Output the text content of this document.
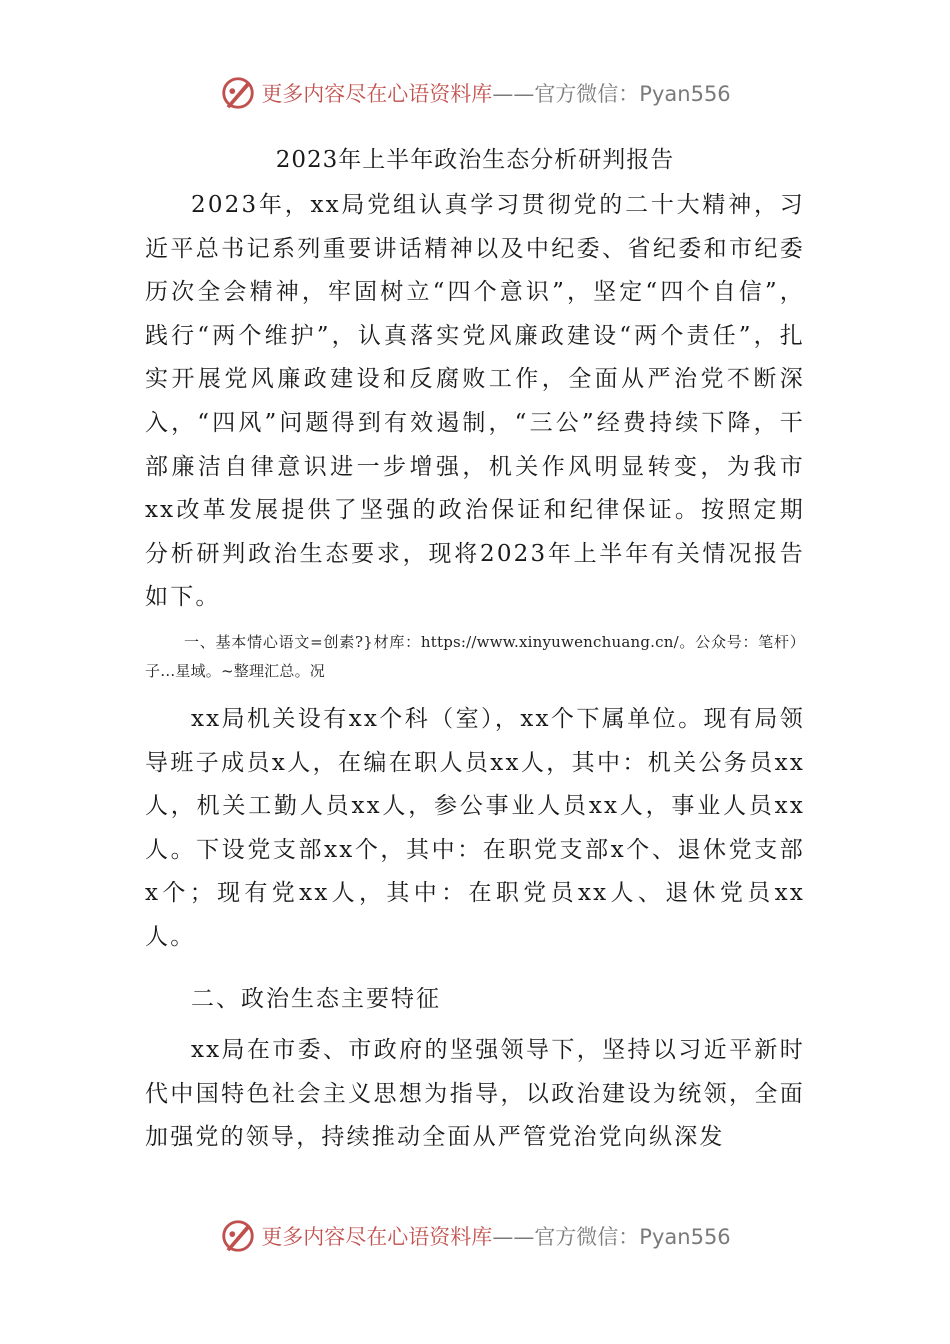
更多内容尽在心语资料库——官方微信：Pyan556
2023年上半年政治生态分析研判报告

2023年，xx局党组认真学习贯彻党的二十大精神，习近平总书记系列重要讲话精神以及中纪委、省纪委和市纪委历次全会精神，牢固树立“四个意识”，坚定“四个自信”，践行“两个维护”，认真落实党风廉政建设“两个责任”，扎实开展党风廉政建设和反腐败工作，全面从严治党不断深入，“四风”问题得到有效遏制，“三公”经费持续下降，干部廉洁自律意识进一步增强，机关作风明显转变，为我市xx改革发展提供了坚强的政治保证和纪律保证。按照定期分析研判政治生态要求，现将2023年上半年有关情况报告如下。

一、基本情心语文=创素?}材库：https://www.xinyuwenchuang.cn/。公众号：笔杆）子…星域。~整理汇总。况

xx局机关设有xx个科（室），xx个下属单位。现有局领导班子成员x人，在编在职人员xx人，其中：机关公务员xx人，机关工勤人员xx人，参公事业人员xx人，事业人员xx人。下设党支部xx个，其中：在职党支部x个、退休党支部x个；现有党xx人，其中：在职党员xx人、退休党员xx人。

二、政治生态主要特征

xx局在市委、市政府的坚强领导下，坚持以习近平新时代中国特色社会主义思想为指导，以政治建设为统领，全面加强党的领导，持续推动全面从严管党治党向纵深发

更多内容尽在心语资料库——官方微信：Pyan556
